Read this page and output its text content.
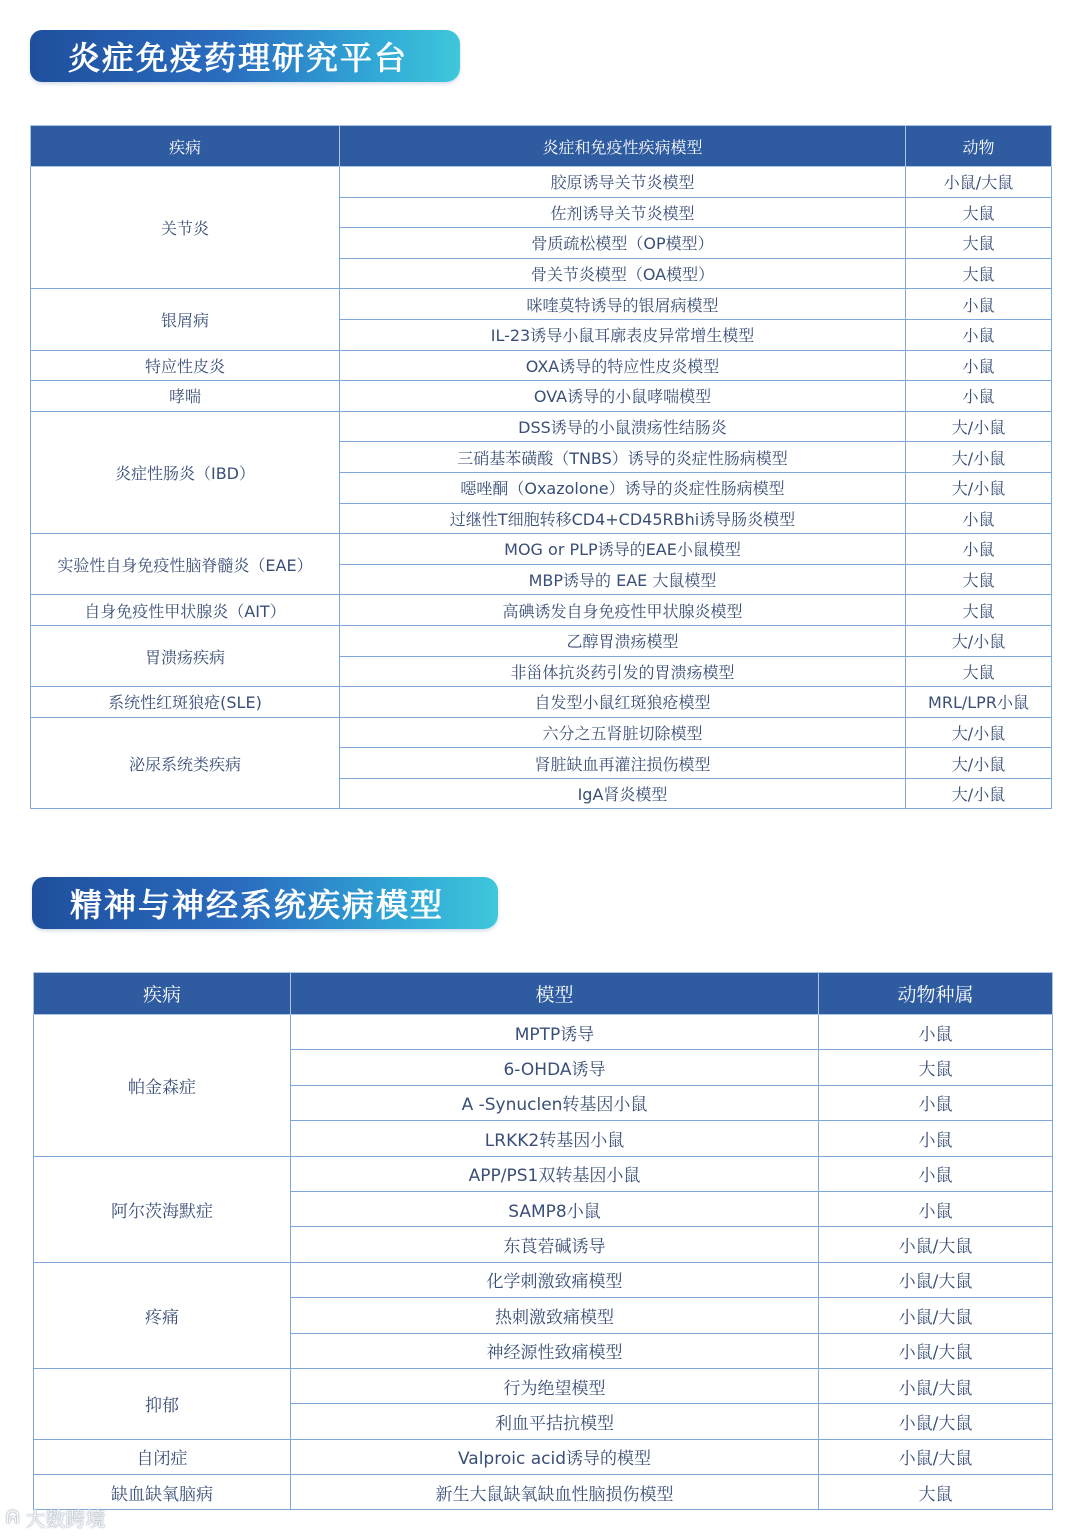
炎症免疫药理研究平台
疾病	炎症和免疫性疾病模型	动物
关节炎	胶原诱导关节炎模型	小鼠/大鼠
	佐剂诱导关节炎模型	大鼠
	骨质疏松模型（OP模型）	大鼠
	骨关节炎模型（OA模型）	大鼠
银屑病	咪喹莫特诱导的银屑病模型	小鼠
	IL-23诱导小鼠耳廓表皮异常增生模型	小鼠
特应性皮炎	OXA诱导的特应性皮炎模型	小鼠
哮喘	OVA诱导的小鼠哮喘模型	小鼠
炎症性肠炎（IBD）	DSS诱导的小鼠溃疡性结肠炎	大/小鼠
	三硝基苯磺酸（TNBS）诱导的炎症性肠病模型	大/小鼠
	噁唑酮（Oxazolone）诱导的炎症性肠病模型	大/小鼠
	过继性T细胞转移CD4+CD45RBhi诱导肠炎模型	小鼠
实验性自身免疫性脑脊髓炎（EAE）	MOG or PLP诱导的EAE小鼠模型	小鼠
	MBP诱导的 EAE 大鼠模型	大鼠
自身免疫性甲状腺炎（AIT）	高碘诱发自身免疫性甲状腺炎模型	大鼠
胃溃疡疾病	乙醇胃溃疡模型	大/小鼠
	非甾体抗炎药引发的胃溃疡模型	大鼠
系统性红斑狼疮(SLE)	自发型小鼠红斑狼疮模型	MRL/LPR小鼠
泌尿系统类疾病	六分之五肾脏切除模型	大/小鼠
	肾脏缺血再灌注损伤模型	大/小鼠
	IgA肾炎模型	大/小鼠
精神与神经系统疾病模型
疾病	模型	动物种属
帕金森症	MPTP诱导	小鼠
	6-OHDA诱导	大鼠
	A -Synuclen转基因小鼠	小鼠
	LRKK2转基因小鼠	小鼠
阿尔茨海默症	APP/PS1双转基因小鼠	小鼠
	SAMP8小鼠	小鼠
	东莨菪碱诱导	小鼠/大鼠
疼痛	化学刺激致痛模型	小鼠/大鼠
	热刺激致痛模型	小鼠/大鼠
	神经源性致痛模型	小鼠/大鼠
抑郁	行为绝望模型	小鼠/大鼠
	利血平拮抗模型	小鼠/大鼠
自闭症	Valproic acid诱导的模型	小鼠/大鼠
缺血缺氧脑病	新生大鼠缺氧缺血性脑损伤模型	大鼠
ᕱ 大数跨境
